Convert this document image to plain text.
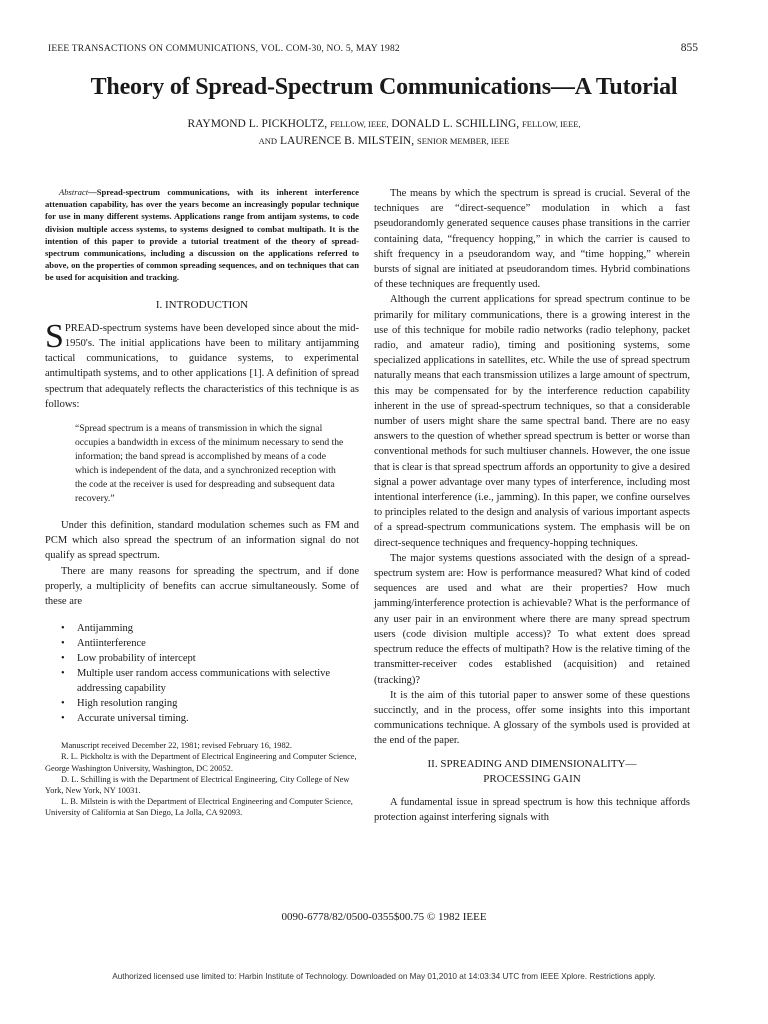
IEEE TRANSACTIONS ON COMMUNICATIONS, VOL. COM-30, NO. 5, MAY 1982	855
Theory of Spread-Spectrum Communications—A Tutorial
RAYMOND L. PICKHOLTZ, FELLOW, IEEE, DONALD L. SCHILLING, FELLOW, IEEE,
AND LAURENCE B. MILSTEIN, SENIOR MEMBER, IEEE

Abstract—Spread-spectrum communications, with its inherent interference attenuation capability, has over the years become an increasingly popular technique for use in many different systems. Applications range from antijam systems, to code division multiple access systems, to systems designed to combat multipath. It is the intention of this paper to provide a tutorial treatment of the theory of spread-spectrum communications, including a discussion on the applications referred to above, on the properties of common spreading sequences, and on techniques that can be used for acquisition and tracking.

I. INTRODUCTION

SPREAD-spectrum systems have been developed since about the mid-1950's. The initial applications have been to military antijamming tactical communications, to guidance systems, to experimental antimultipath systems, and to other applications [1]. A definition of spread spectrum that adequately reflects the characteristics of this technique is as follows:

“Spread spectrum is a means of transmission in which the signal occupies a bandwidth in excess of the minimum necessary to send the information; the band spread is accomplished by means of a code which is independent of the data, and a synchronized reception with the code at the receiver is used for despreading and subsequent data recovery.”

Under this definition, standard modulation schemes such as FM and PCM which also spread the spectrum of an information signal do not qualify as spread spectrum.

There are many reasons for spreading the spectrum, and if done properly, a multiplicity of benefits can accrue simultaneously. Some of these are

• Antijamming
• Antiinterference
• Low probability of intercept
• Multiple user random access communications with selective addressing capability
• High resolution ranging
• Accurate universal timing.

Manuscript received December 22, 1981; revised February 16, 1982.

R. L. Pickholtz is with the Department of Electrical Engineering and Computer Science, George Washington University, Washington, DC 20052.

D. L. Schilling is with the Department of Electrical Engineering, City College of New York, New York, NY 10031.

L. B. Milstein is with the Department of Electrical Engineering and Computer Science, University of California at San Diego, La Jolla, CA 92093.

The means by which the spectrum is spread is crucial. Several of the techniques are “direct-sequence” modulation in which a fast pseudorandomly generated sequence causes phase transitions in the carrier containing data, “frequency hopping,” in which the carrier is caused to shift frequency in a pseudorandom way, and “time hopping,” wherein bursts of signal are initiated at pseudorandom times. Hybrid combinations of these techniques are frequently used.

Although the current applications for spread spectrum continue to be primarily for military communications, there is a growing interest in the use of this technique for mobile radio networks (radio telephony, packet radio, and amateur radio), timing and positioning systems, some specialized applications in satellites, etc. While the use of spread spectrum naturally means that each transmission utilizes a large amount of spectrum, this may be compensated for by the interference reduction capability inherent in the use of spread-spectrum techniques, so that a considerable number of users might share the same spectral band. There are no easy answers to the question of whether spread spectrum is better or worse than conventional methods for such multiuser channels. However, the one issue that is clear is that spread spectrum affords an opportunity to give a desired signal a power advantage over many types of interference, including most intentional interference (i.e., jamming). In this paper, we confine ourselves to principles related to the design and analysis of various important aspects of a spread-spectrum communications system. The emphasis will be on direct-sequence techniques and frequency-hopping techniques.

The major systems questions associated with the design of a spread-spectrum system are: How is performance measured? What kind of coded sequences are used and what are their properties? How much jamming/interference protection is achievable? What is the performance of any user pair in an environment where there are many spread spectrum users (code division multiple access)? To what extent does spread spectrum reduce the effects of multipath? How is the relative timing of the transmitter-receiver codes established (acquisition) and retained (tracking)?

It is the aim of this tutorial paper to answer some of these questions succinctly, and in the process, offer some insights into this important communications technique. A glossary of the symbols used is provided at the end of the paper.

II. SPREADING AND DIMENSIONALITY—
PROCESSING GAIN

A fundamental issue in spread spectrum is how this technique affords protection against interfering signals with

0090-6778/82/0500-0355$00.75 © 1982 IEEE
Authorized licensed use limited to: Harbin Institute of Technology. Downloaded on May 01,2010 at 14:03:34 UTC from IEEE Xplore. Restrictions apply.
